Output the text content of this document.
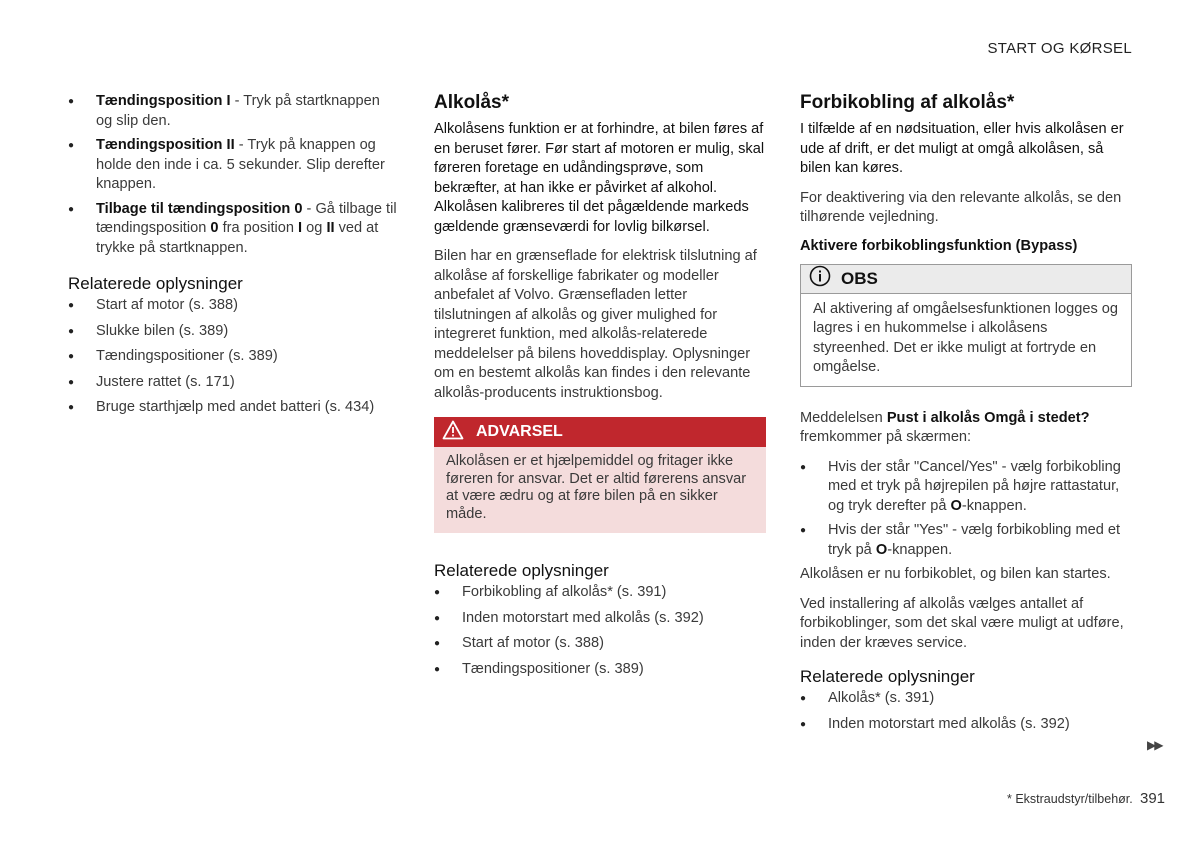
START OG KØRSEL
● Tændingsposition I - Tryk på startknappen og slip den.
● Tændingsposition II - Tryk på knappen og holde den inde i ca. 5 sekunder. Slip derefter knappen.
● Tilbage til tændingsposition 0 - Gå tilbage til tændingsposition 0 fra position I og II ved at trykke på startknappen.
Relaterede oplysninger
● Start af motor (s. 388)
● Slukke bilen (s. 389)
● Tændingspositioner (s. 389)
● Justere rattet (s. 171)
● Bruge starthjælp med andet batteri (s. 434)
Alkolås*

Alkolåsens funktion er at forhindre, at bilen føres af en beruset fører. Før start af motoren er mulig, skal føreren foretage en udåndingsprøve, som bekræfter, at han ikke er påvirket af alkohol. Alkolåsen kalibreres til det pågældende markeds gældende grænseværdi for lovlig bilkørsel.

Bilen har en grænseflade for elektrisk tilslutning af alkolåse af forskellige fabrikater og modeller anbefalet af Volvo. Grænsefladen letter tilslutningen af alkolås og giver mulighed for integreret funktion, med alkolås-relaterede meddelelser på bilens hoveddisplay. Oplysninger om en bestemt alkolås kan findes i den relevante alkolås-producents instruktionsbog.

ADVARSEL
Alkolåsen er et hjælpemiddel og fritager ikke føreren for ansvar. Det er altid førerens ansvar at være ædru og at føre bilen på en sikker måde.
Relaterede oplysninger
● Forbikobling af alkolås* (s. 391)
● Inden motorstart med alkolås (s. 392)
● Start af motor (s. 388)
● Tændingspositioner (s. 389)
Forbikobling af alkolås*

I tilfælde af en nødsituation, eller hvis alkolåsen er ude af drift, er det muligt at omgå alkolåsen, så bilen kan køres.

For deaktivering via den relevante alkolås, se den tilhørende vejledning.

Aktivere forbikoblingsfunktion (Bypass)
OBS
Al aktivering af omgåelsesfunktionen logges og lagres i en hukommelse i alkolåsens styreenhed. Det er ikke muligt at fortryde en omgåelse.

Meddelelsen Pust i alkolås Omgå i stedet? fremkommer på skærmen:

● Hvis der står "Cancel/Yes" - vælg forbikobling med et tryk på højrepilen på højre rattastatur, og tryk derefter på O-knappen.
● Hvis der står "Yes" - vælg forbikobling med et tryk på O-knappen.

Alkolåsen er nu forbikoblet, og bilen kan startes.

Ved installering af alkolås vælges antallet af forbikoblinger, som det skal være muligt at udføre, inden der kræves service.

Relaterede oplysninger
● Alkolås* (s. 391)
● Inden motorstart med alkolås (s. 392)
▶▶
* Ekstraudstyr/tilbehør. 391
